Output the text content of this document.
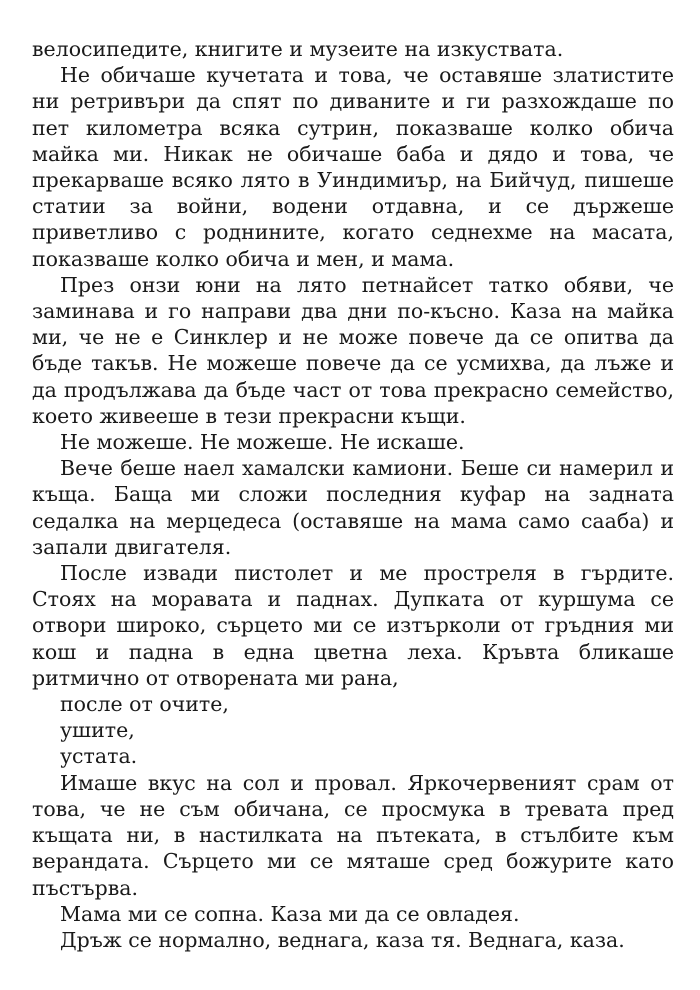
велосипедите, книгите и музеите на изкуствата.

Не обичаше кучетата и това, че оставяше златистите ни ретривъри да спят по диваните и ги разхождаше по пет километра всяка сутрин, показваше колко обича майка ми. Никак не обичаше баба и дядо и това, че прекарваше всяко лято в Уиндимиър, на Бийчуд, пишеше статии за войни, водени отдавна, и се държеше приветливо с роднините, когато седнехме на масата, показваше колко обича и мен, и мама.

През онзи юни на лято петнайсет татко обяви, че заминава и го направи два дни по-късно. Каза на майка ми, че не е Синклер и не може повече да се опитва да бъде такъв. Не можеше повече да се усмихва, да лъже и да продължава да бъде част от това прекрасно семейство, което живееше в тези прекрасни къщи.

Не можеше. Не можеше. Не искаше.

Вече беше наел хамалски камиони. Беше си намерил и къща. Баща ми сложи последния куфар на задната седалка на мерцедеса (оставяше на мама само сааба) и запали двигателя.

После извади пистолет и ме простреля в гърдите. Стоях на моравата и паднах. Дупката от куршума се отвори широко, сърцето ми се изтърколи от гръдния ми кош и падна в една цветна леха. Кръвта бликаше ритмично от отворената ми рана,

после от очите,

ушите,

устата.

Имаше вкус на сол и провал. Яркочервеният срам от това, че не съм обичана, се просмука в тревата пред къщата ни, в настилката на пътеката, в стълбите към верандата. Сърцето ми се мяташе сред божурите като пъстърва.

Мама ми се сопна. Каза ми да се овладея.

Дръж се нормално, веднага, каза тя. Веднага, каза.
